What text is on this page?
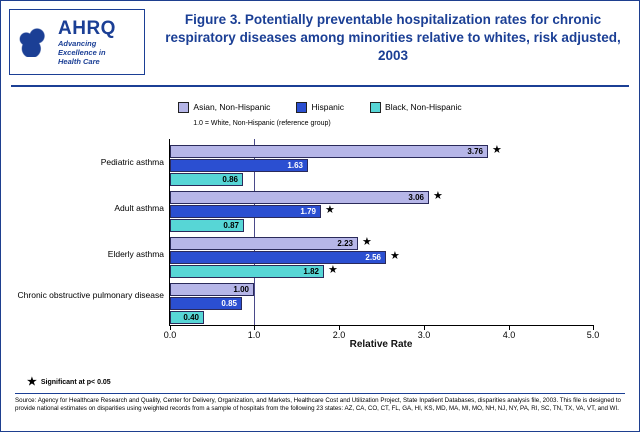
AHRQ
Advancing
Excellence in
Health Care
Figure 3. Potentially preventable hospitalization rates for chronic respiratory diseases among minorities relative to whites, risk adjusted, 2003
Asian, Non-Hispanic	Hispanic	Black, Non-Hispanic
1.0 = White, Non-Hispanic (reference group)
0.0	1.0	2.0	3.0	4.0	5.0
Pediatric asthma
3.76 ★
1.63
0.86
Adult asthma
3.06 ★
1.79 ★
0.87
Elderly asthma
2.23 ★
2.56 ★
1.82 ★
Chronic obstructive pulmonary disease
1.00
0.85
0.40
Relative Rate
★ Significant at p< 0.05
Source: Agency for Healthcare Research and Quality, Center for Delivery, Organization, and Markets, Healthcare Cost and Utilization Project, State Inpatient Databases, disparities analysis file, 2003. This file is designed to provide national estimates on disparities using weighted records from a sample of hospitals from the following 23 states: AZ, CA, CO, CT, FL, GA, HI, KS, MD, MA, MI, MO, NH, NJ, NY, PA, RI, SC, TN, TX, VA, VT, and WI.
